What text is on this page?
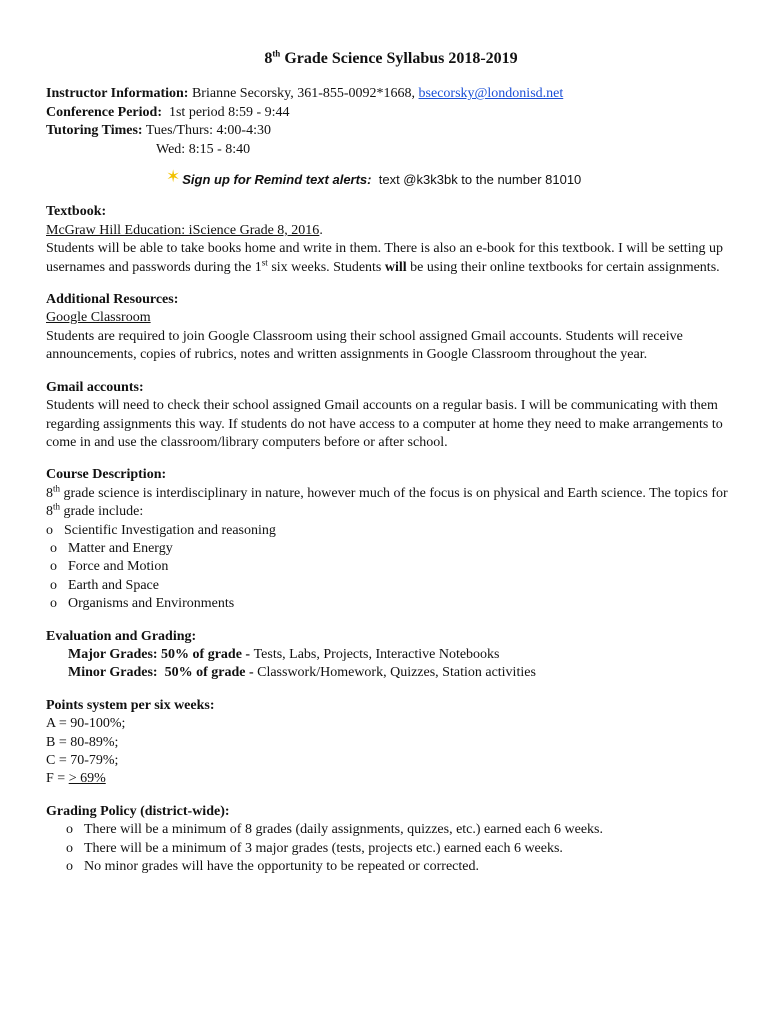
8th Grade Science Syllabus 2018-2019
Instructor Information: Brianne Secorsky, 361-855-0092*1668, bsecorsky@londonisd.net
Conference Period:  1st period 8:59 - 9:44
Tutoring Times: Tues/Thurs: 4:00-4:30
Wed: 8:15 - 8:40
✶ Sign up for Remind text alerts : text @k3k3bk to the number 81010
Textbook:
McGraw Hill Education: iScience Grade 8, 2016.
Students will be able to take books home and write in them. There is also an e-book for this textbook. I will be setting up usernames and passwords during the 1st six weeks. Students will be using their online textbooks for certain assignments.
Additional Resources:
Google Classroom
Students are required to join Google Classroom using their school assigned Gmail accounts. Students will receive announcements, copies of rubrics, notes and written assignments in Google Classroom throughout the year.
Gmail accounts:
Students will need to check their school assigned Gmail accounts on a regular basis. I will be communicating with them regarding assignments this way. If students do not have access to a computer at home they need to make arrangements to come in and use the classroom/library computers before or after school.
Course Description:
8th grade science is interdisciplinary in nature, however much of the focus is on physical and Earth science. The topics for 8th grade include:
o Scientific Investigation and reasoning
o Matter and Energy
o Force and Motion
o Earth and Space
o Organisms and Environments
Evaluation and Grading:
Major Grades: 50% of grade - Tests, Labs, Projects, Interactive Notebooks
Minor Grades:  50% of grade - Classwork/Homework, Quizzes, Station activities
Points system per six weeks:
A = 90-100%;
B = 80-89%;
C = 70-79%;
F = > 69%
Grading Policy (district-wide):
o There will be a minimum of 8 grades (daily assignments, quizzes, etc.) earned each 6 weeks.
o There will be a minimum of 3 major grades (tests, projects etc.) earned each 6 weeks.
o No minor grades will have the opportunity to be repeated or corrected.
